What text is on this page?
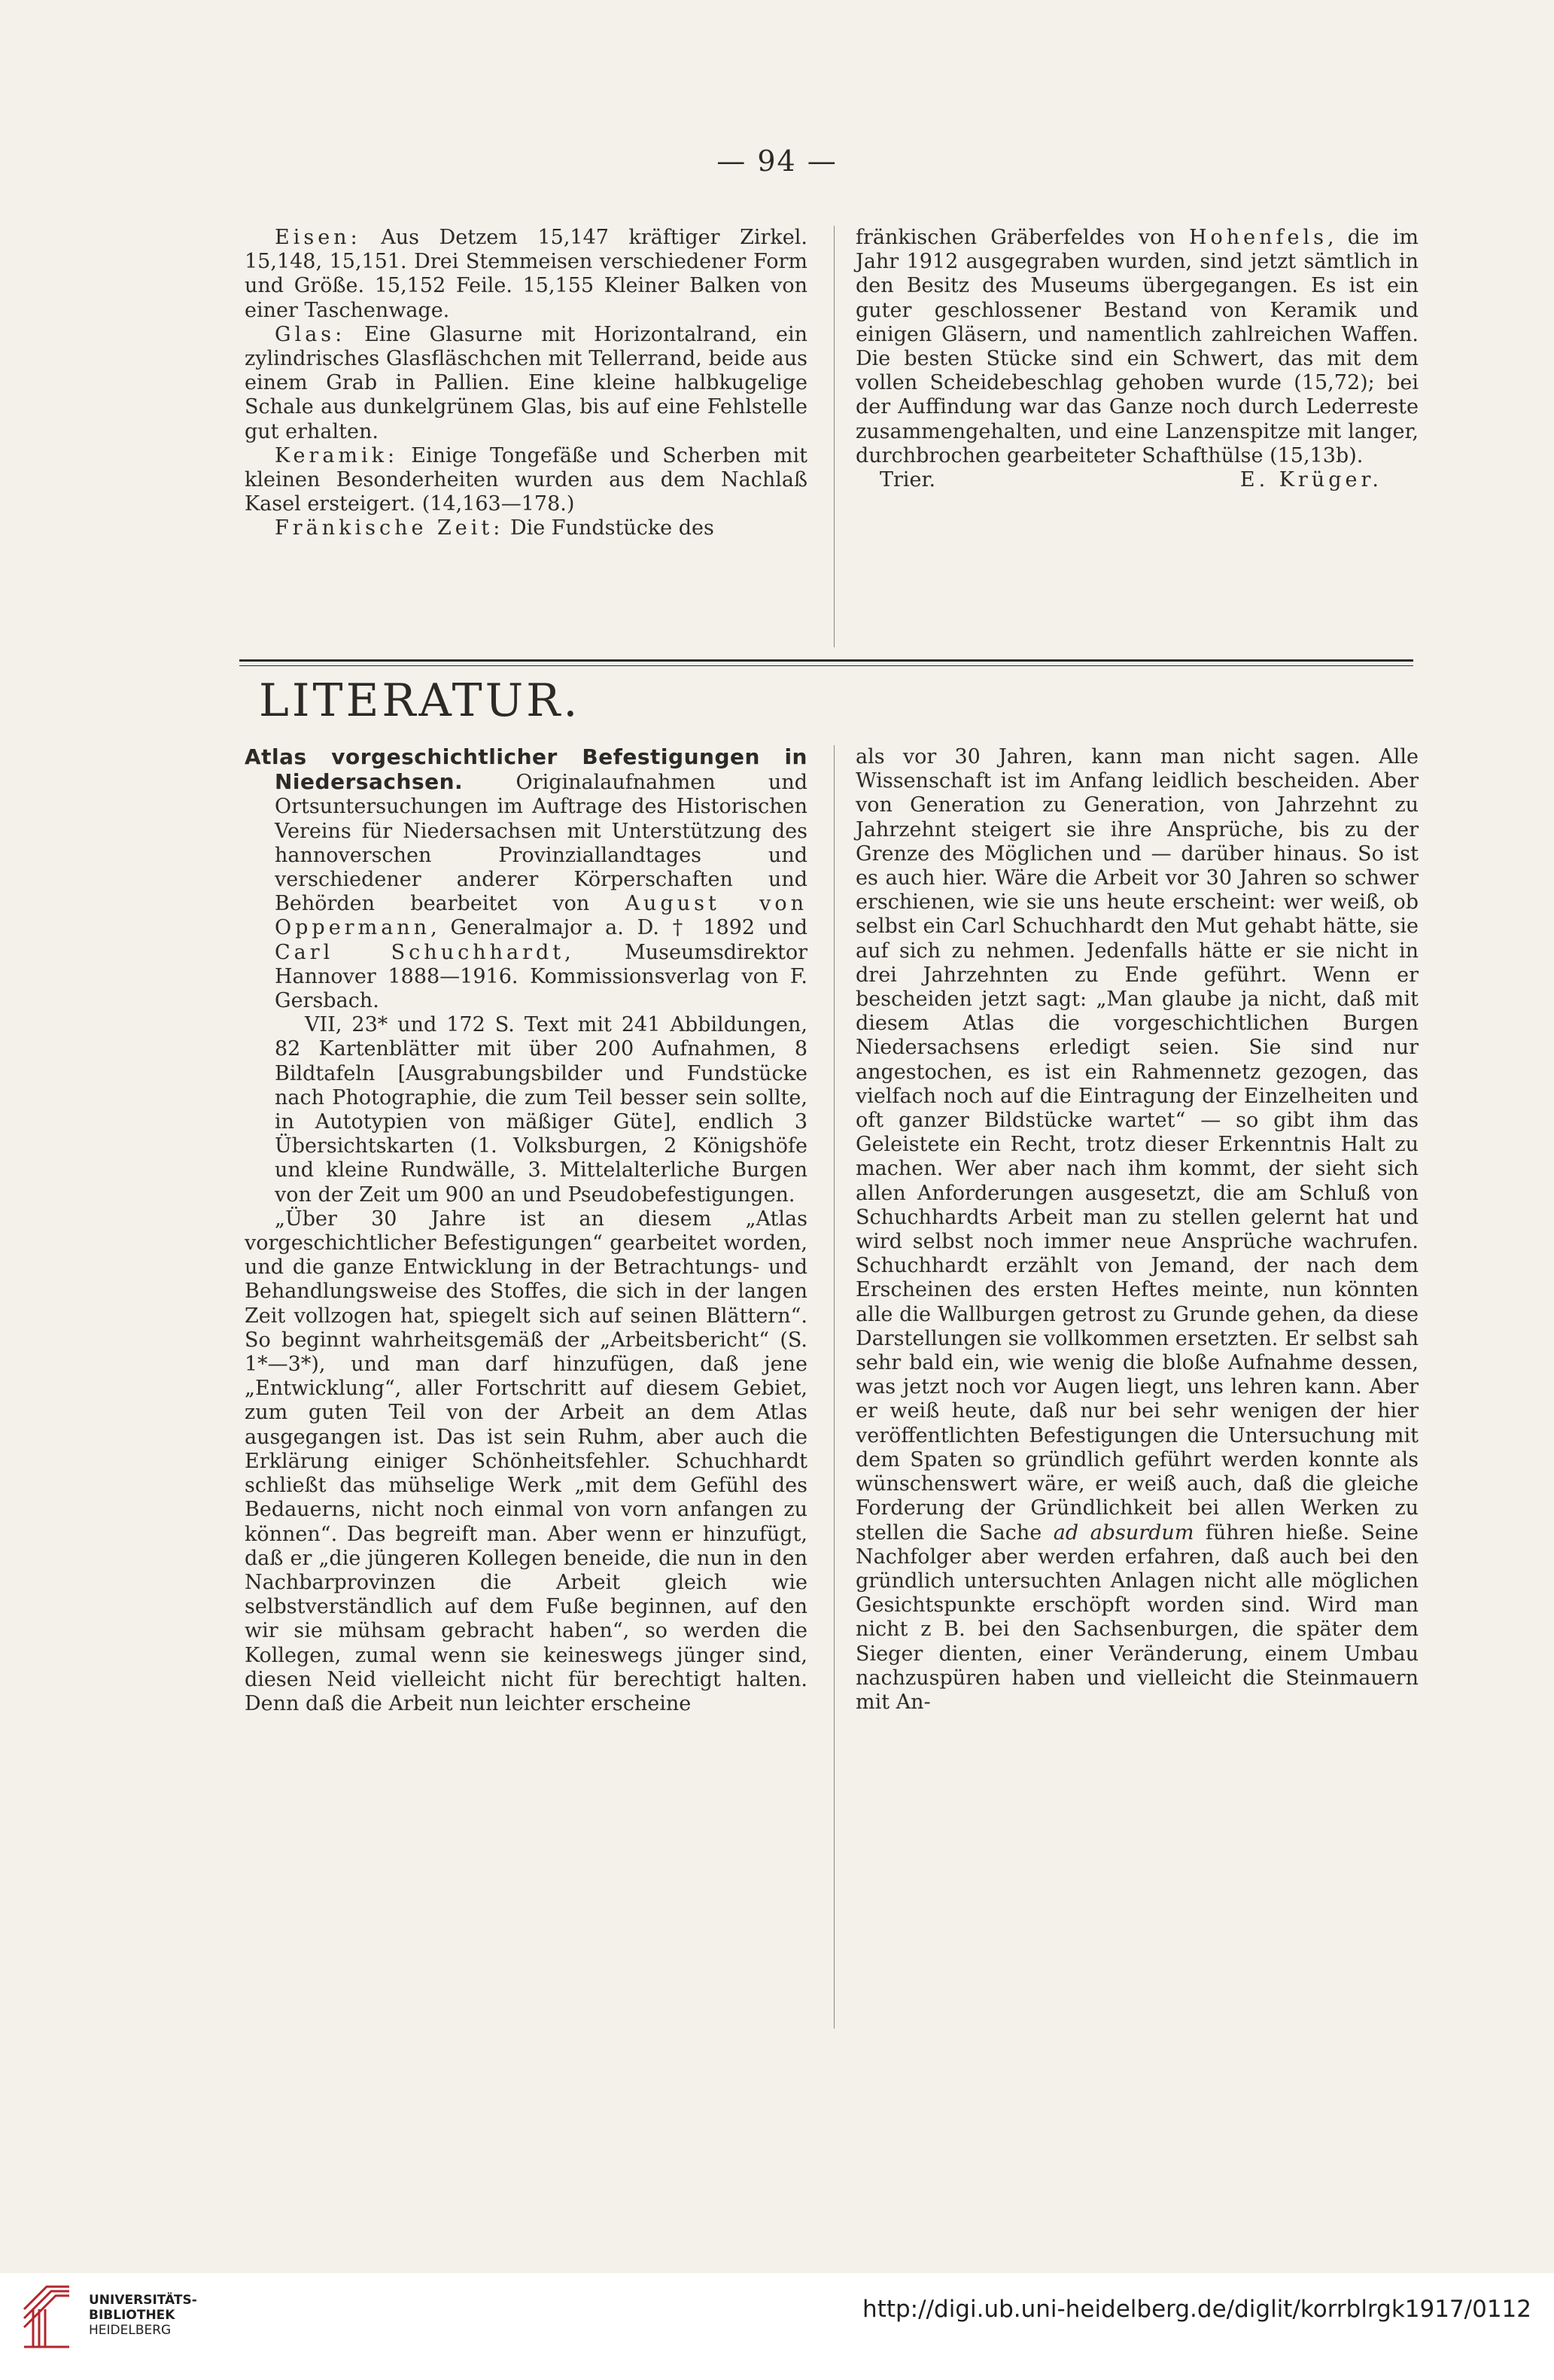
— 94 —

Eisen: Aus Detzem 15,147 kräftiger Zirkel. 15,148, 15,151. Drei Stemmeisen verschiedener Form und Größe. 15,152 Feile. 15,155 Kleiner Balken von einer Taschenwage.

Glas: Eine Glasurne mit Horizontalrand, ein zylindrisches Glasfläschchen mit Tellerrand, beide aus einem Grab in Pallien. Eine kleine halbkugelige Schale aus dunkelgrünem Glas, bis auf eine Fehlstelle gut erhalten.

Keramik: Einige Tongefäße und Scherben mit kleinen Besonderheiten wurden aus dem Nachlaß Kasel ersteigert. (14,163—178.)

Fränkische Zeit: Die Fundstücke des

fränkischen Gräberfeldes von Hohenfels, die im Jahr 1912 ausgegraben wurden, sind jetzt sämtlich in den Besitz des Museums übergegangen. Es ist ein guter geschlossener Bestand von Keramik und einigen Gläsern, und namentlich zahlreichen Waffen. Die besten Stücke sind ein Schwert, das mit dem vollen Scheidebeschlag gehoben wurde (15,72); bei der Auffindung war das Ganze noch durch Lederreste zusammengehalten, und eine Lanzenspitze mit langer, durchbrochen gearbeiteter Schafthülse (15,13b).

Trier.	E. Krüger.
LITERATUR.

Atlas vorgeschichtlicher Befestigungen in Niedersachsen. Originalaufnahmen und Ortsuntersuchungen im Auftrage des Historischen Vereins für Niedersachsen mit Unterstützung des hannoverschen Provinziallandtages und verschiedener anderer Körperschaften und Behörden bearbeitet von August von Oppermann, Generalmajor a. D. † 1892 und Carl Schuchhardt, Museumsdirektor Hannover 1888—1916. Kommissionsverlag von F. Gersbach.

VII, 23* und 172 S. Text mit 241 Abbildungen, 82 Kartenblätter mit über 200 Aufnahmen, 8 Bildtafeln [Ausgrabungsbilder und Fundstücke nach Photographie, die zum Teil besser sein sollte, in Autotypien von mäßiger Güte], endlich 3 Übersichtskarten (1. Volksburgen, 2 Königshöfe und kleine Rundwälle, 3. Mittelalterliche Burgen von der Zeit um 900 an und Pseudobefestigungen.

„Über 30 Jahre ist an diesem „Atlas vorgeschichtlicher Befestigungen“ gearbeitet worden, und die ganze Entwicklung in der Betrachtungs- und Behandlungsweise des Stoffes, die sich in der langen Zeit vollzogen hat, spiegelt sich auf seinen Blättern“. So beginnt wahrheitsgemäß der „Arbeitsbericht“ (S. 1*—3*), und man darf hinzufügen, daß jene „Entwicklung“, aller Fortschritt auf diesem Gebiet, zum guten Teil von der Arbeit an dem Atlas ausgegangen ist. Das ist sein Ruhm, aber auch die Erklärung einiger Schönheitsfehler. Schuchhardt schließt das mühselige Werk „mit dem Gefühl des Bedauerns, nicht noch einmal von vorn anfangen zu können“. Das begreift man. Aber wenn er hinzufügt, daß er „die jüngeren Kollegen beneide, die nun in den Nachbarprovinzen die Arbeit gleich wie selbstverständlich auf dem Fuße beginnen, auf den wir sie mühsam gebracht haben“, so werden die Kollegen, zumal wenn sie keineswegs jünger sind, diesen Neid vielleicht nicht für berechtigt halten. Denn daß die Arbeit nun leichter erscheine

als vor 30 Jahren, kann man nicht sagen. Alle Wissenschaft ist im Anfang leidlich bescheiden. Aber von Generation zu Generation, von Jahrzehnt zu Jahrzehnt steigert sie ihre Ansprüche, bis zu der Grenze des Möglichen und — darüber hinaus. So ist es auch hier. Wäre die Arbeit vor 30 Jahren so schwer erschienen, wie sie uns heute erscheint: wer weiß, ob selbst ein Carl Schuchhardt den Mut gehabt hätte, sie auf sich zu nehmen. Jedenfalls hätte er sie nicht in drei Jahrzehnten zu Ende geführt. Wenn er bescheiden jetzt sagt: „Man glaube ja nicht, daß mit diesem Atlas die vorgeschichtlichen Burgen Niedersachsens erledigt seien. Sie sind nur angestochen, es ist ein Rahmennetz gezogen, das vielfach noch auf die Eintragung der Einzelheiten und oft ganzer Bildstücke wartet“ — so gibt ihm das Geleistete ein Recht, trotz dieser Erkenntnis Halt zu machen. Wer aber nach ihm kommt, der sieht sich allen Anforderungen ausgesetzt, die am Schluß von Schuchhardts Arbeit man zu stellen gelernt hat und wird selbst noch immer neue Ansprüche wachrufen. Schuchhardt erzählt von Jemand, der nach dem Erscheinen des ersten Heftes meinte, nun könnten alle die Wallburgen getrost zu Grunde gehen, da diese Darstellungen sie vollkommen ersetzten. Er selbst sah sehr bald ein, wie wenig die bloße Aufnahme dessen, was jetzt noch vor Augen liegt, uns lehren kann. Aber er weiß heute, daß nur bei sehr wenigen der hier veröffentlichten Befestigungen die Untersuchung mit dem Spaten so gründlich geführt werden konnte als wünschenswert wäre, er weiß auch, daß die gleiche Forderung der Gründlichkeit bei allen Werken zu stellen die Sache ad absurdum führen hieße. Seine Nachfolger aber werden erfahren, daß auch bei den gründlich untersuchten Anlagen nicht alle möglichen Gesichtspunkte erschöpft worden sind. Wird man nicht z B. bei den Sachsenburgen, die später dem Sieger dienten, einer Veränderung, einem Umbau nachzuspüren haben und vielleicht die Steinmauern mit An-

UNIVERSITÄTS-
BIBLIOTHEK
HEIDELBERG
http://digi.ub.uni-heidelberg.de/diglit/korrblrgk1917/0112
